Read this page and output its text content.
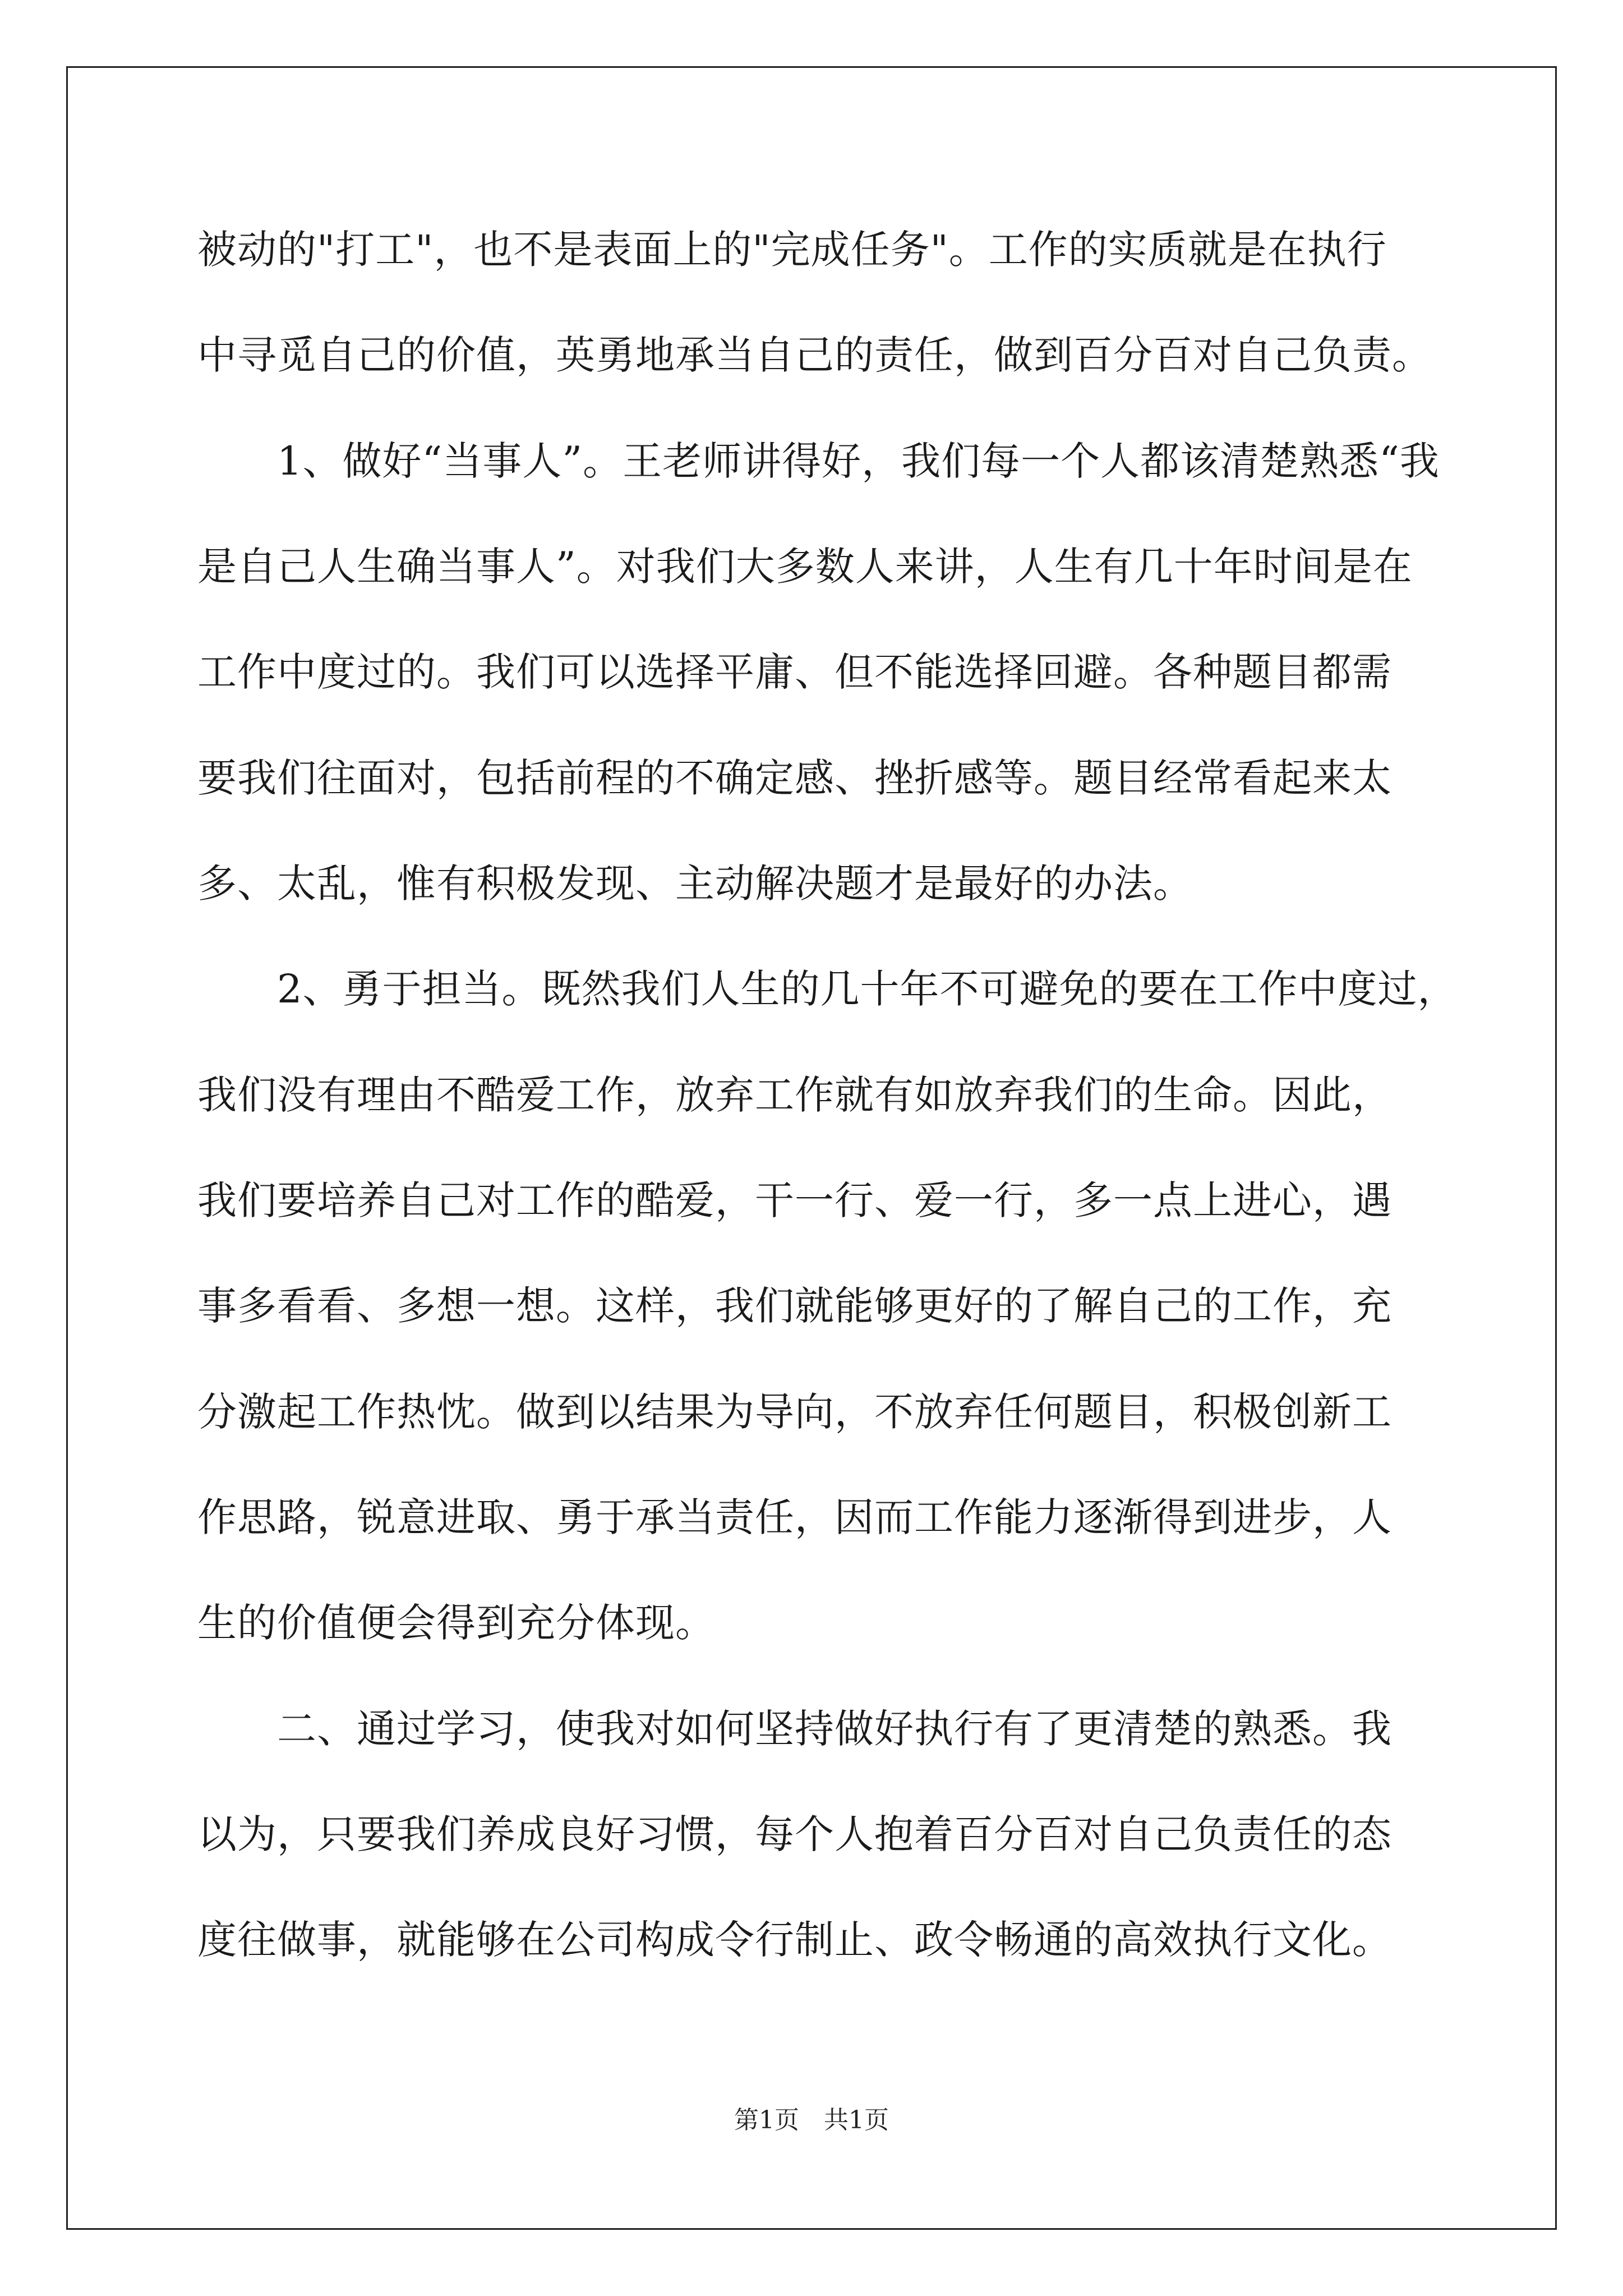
被动的"打工"，也不是表面上的"完成任务"。工作的实质就是在执行
中寻觅自己的价值，英勇地承当自己的责任，做到百分百对自己负责。
　　1、做好“当事人”。王老师讲得好，我们每一个人都该清楚熟悉“我
是自己人生确当事人”。对我们大多数人来讲，人生有几十年时间是在
工作中度过的。我们可以选择平庸、但不能选择回避。各种题目都需
要我们往面对，包括前程的不确定感、挫折感等。题目经常看起来太
多、太乱，惟有积极发现、主动解决题才是最好的办法。
　　2、勇于担当。既然我们人生的几十年不可避免的要在工作中度过，
我们没有理由不酷爱工作，放弃工作就有如放弃我们的生命。因此，
我们要培养自己对工作的酷爱，干一行、爱一行，多一点上进心，遇
事多看看、多想一想。这样，我们就能够更好的了解自己的工作，充
分激起工作热忱。做到以结果为导向，不放弃任何题目，积极创新工
作思路，锐意进取、勇于承当责任，因而工作能力逐渐得到进步，人
生的价值便会得到充分体现。
　　二、通过学习，使我对如何坚持做好执行有了更清楚的熟悉。我
以为，只要我们养成良好习惯，每个人抱着百分百对自己负责任的态
度往做事，就能够在公司构成令行制止、政令畅通的高效执行文化。
第1页　共1页
